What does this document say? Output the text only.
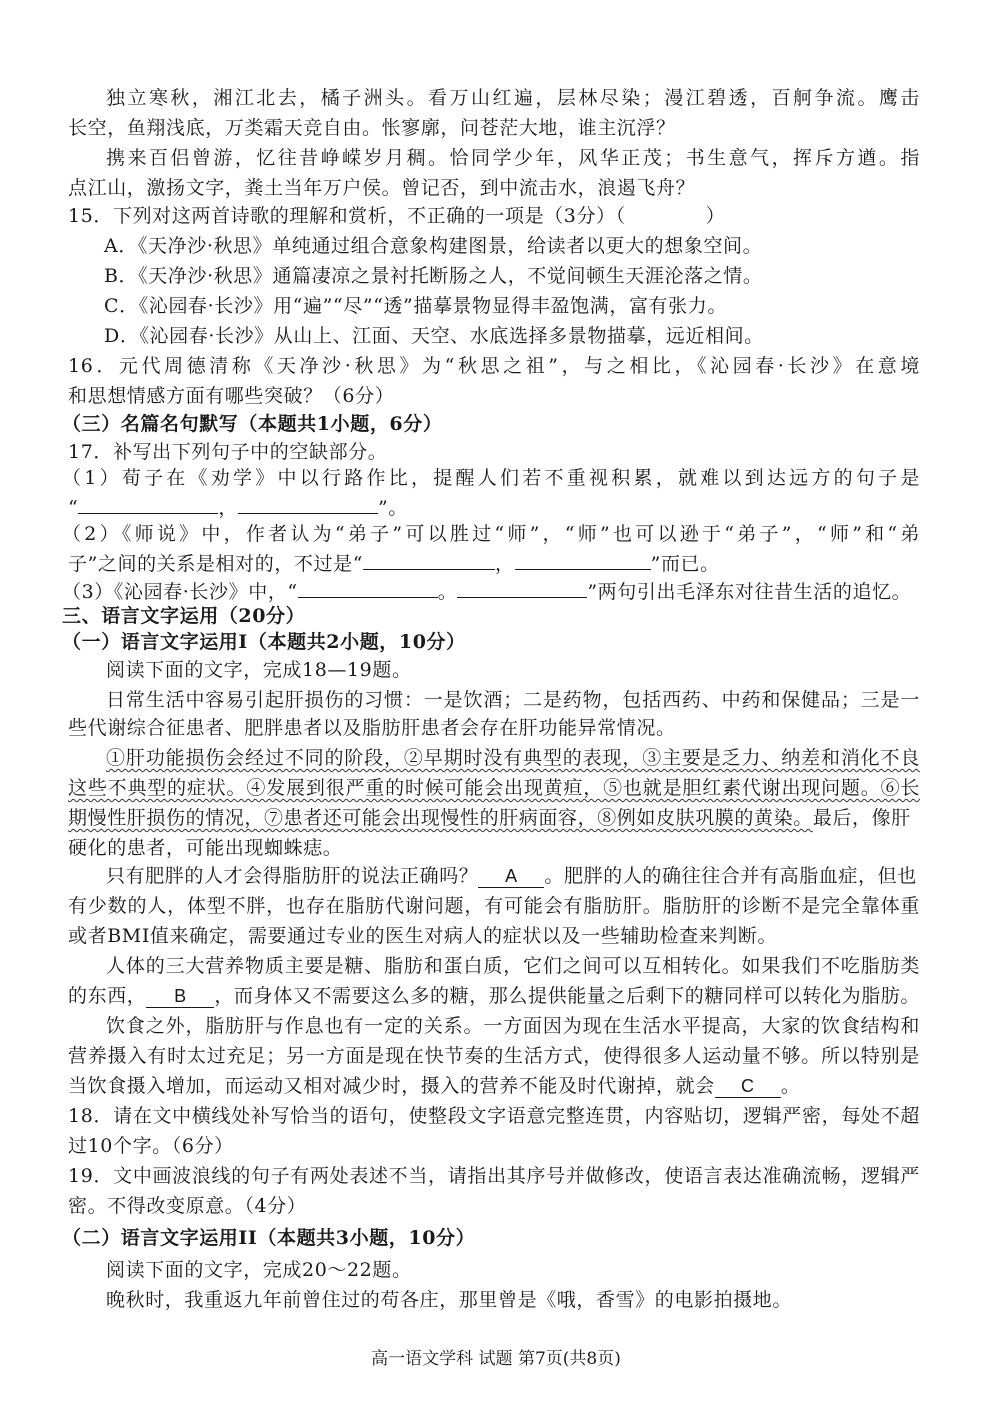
独立寒秋，湘江北去，橘子洲头。看万山红遍，层林尽染；漫江碧透，百舸争流。鹰击
长空，鱼翔浅底，万类霜天竞自由。怅寥廓，问苍茫大地，谁主沉浮？
携来百侣曾游，忆往昔峥嵘岁月稠。恰同学少年，风华正茂；书生意气，挥斥方遒。指
点江山，激扬文字，粪土当年万户侯。曾记否，到中流击水，浪遏飞舟？
15．下列对这两首诗歌的理解和赏析，不正确的一项是（3分）（	）
A．《天净沙·秋思》单纯通过组合意象构建图景，给读者以更大的想象空间。
B．《天净沙·秋思》通篇凄凉之景衬托断肠之人，不觉间顿生天涯沦落之情。
C．《沁园春·长沙》用“遍”“尽”“透”描摹景物显得丰盈饱满，富有张力。
D．《沁园春·长沙》从山上、江面、天空、水底选择多景物描摹，远近相间。
16．元代周德清称《天净沙·秋思》为“秋思之祖”，与之相比，《沁园春·长沙》在意境
和思想情感方面有哪些突破？（6分）
（三）名篇名句默写（本题共1小题，6分）
17．补写出下列句子中的空缺部分。
（1）荀子在《劝学》中以行路作比，提醒人们若不重视积累，就难以到达远方的句子是
“	，	”。
（2）《师说》中，作者认为“弟子”可以胜过“师”，“师”也可以逊于“弟子”，“师”和“弟
子”之间的关系是相对的，不过是“	，	”而已。
（3）《沁园春·长沙》中，“	。	”两句引出毛泽东对往昔生活的追忆。
三、语言文字运用（20分）
（一）语言文字运用Ⅰ（本题共2小题，10分）
阅读下面的文字，完成18—19题。
日常生活中容易引起肝损伤的习惯：一是饮酒；二是药物，包括西药、中药和保健品；三是一
些代谢综合征患者、肥胖患者以及脂肪肝患者会存在肝功能异常情况。
①肝功能损伤会经过不同的阶段，②早期时没有典型的表现，③主要是乏力、纳差和消化不良
这些不典型的症状。④发展到很严重的时候可能会出现黄疸，⑤也就是胆红素代谢出现问题。⑥长
期慢性肝损伤的情况，⑦患者还可能会出现慢性的肝病面容，⑧例如皮肤巩膜的黄染。最后，像肝
硬化的患者，可能出现蜘蛛痣。
只有肥胖的人才会得脂肪肝的说法正确吗？ A 。肥胖的人的确往往合并有高脂血症，但也
有少数的人，体型不胖，也存在脂肪代谢问题，有可能会有脂肪肝。脂肪肝的诊断不是完全靠体重
或者BMI值来确定，需要通过专业的医生对病人的症状以及一些辅助检查来判断。
人体的三大营养物质主要是糖、脂肪和蛋白质，它们之间可以互相转化。如果我们不吃脂肪类
的东西， B ，而身体又不需要这么多的糖，那么提供能量之后剩下的糖同样可以转化为脂肪。
饮食之外，脂肪肝与作息也有一定的关系。一方面因为现在生活水平提高，大家的饮食结构和
营养摄入有时太过充足；另一方面是现在快节奏的生活方式，使得很多人运动量不够。所以特别是
当饮食摄入增加，而运动又相对减少时，摄入的营养不能及时代谢掉，就会 C 。
18．请在文中横线处补写恰当的语句，使整段文字语意完整连贯，内容贴切，逻辑严密，每处不超
过10个字。（6分）
19．文中画波浪线的句子有两处表述不当，请指出其序号并做修改，使语言表达准确流畅，逻辑严
密。不得改变原意。（4分）
（二）语言文字运用II（本题共3小题，10分）
阅读下面的文字，完成20～22题。
晚秋时，我重返九年前曾住过的苟各庄，那里曾是《哦，香雪》的电影拍摄地。
高一语文学科 试题 第7页(共8页)
